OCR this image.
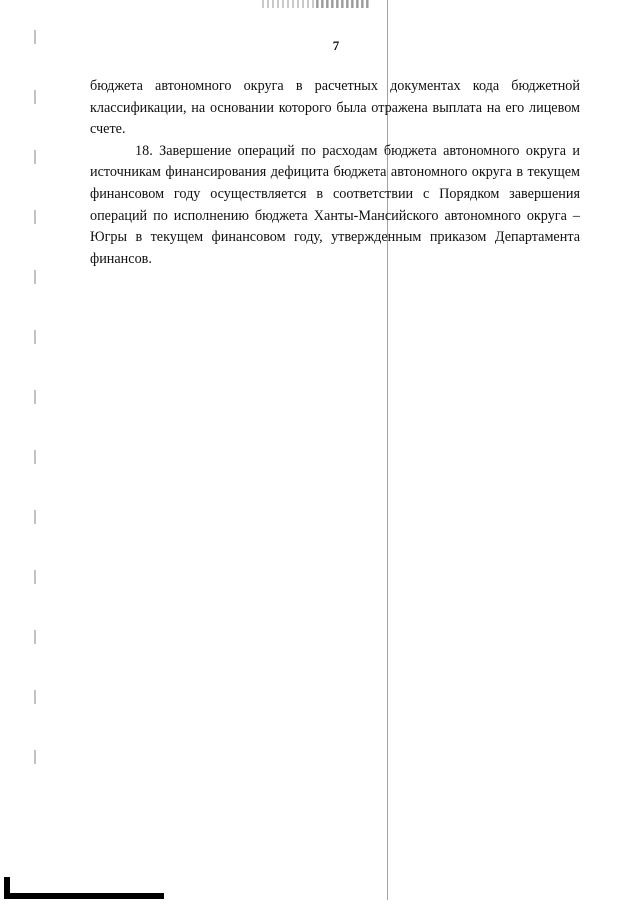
7

бюджета автономного округа в расчетных документах кода бюджетной классификации, на основании которого была отражена выплата на его лицевом счете.

18. Завершение операций по расходам бюджета автономного округа и источникам финансирования дефицита бюджета автономного округа в текущем финансовом году осуществляется в соответствии с Порядком завершения операций по исполнению бюджета Ханты-Мансийского автономного округа – Югры в текущем финансовом году, утвержденным приказом Департамента финансов.
